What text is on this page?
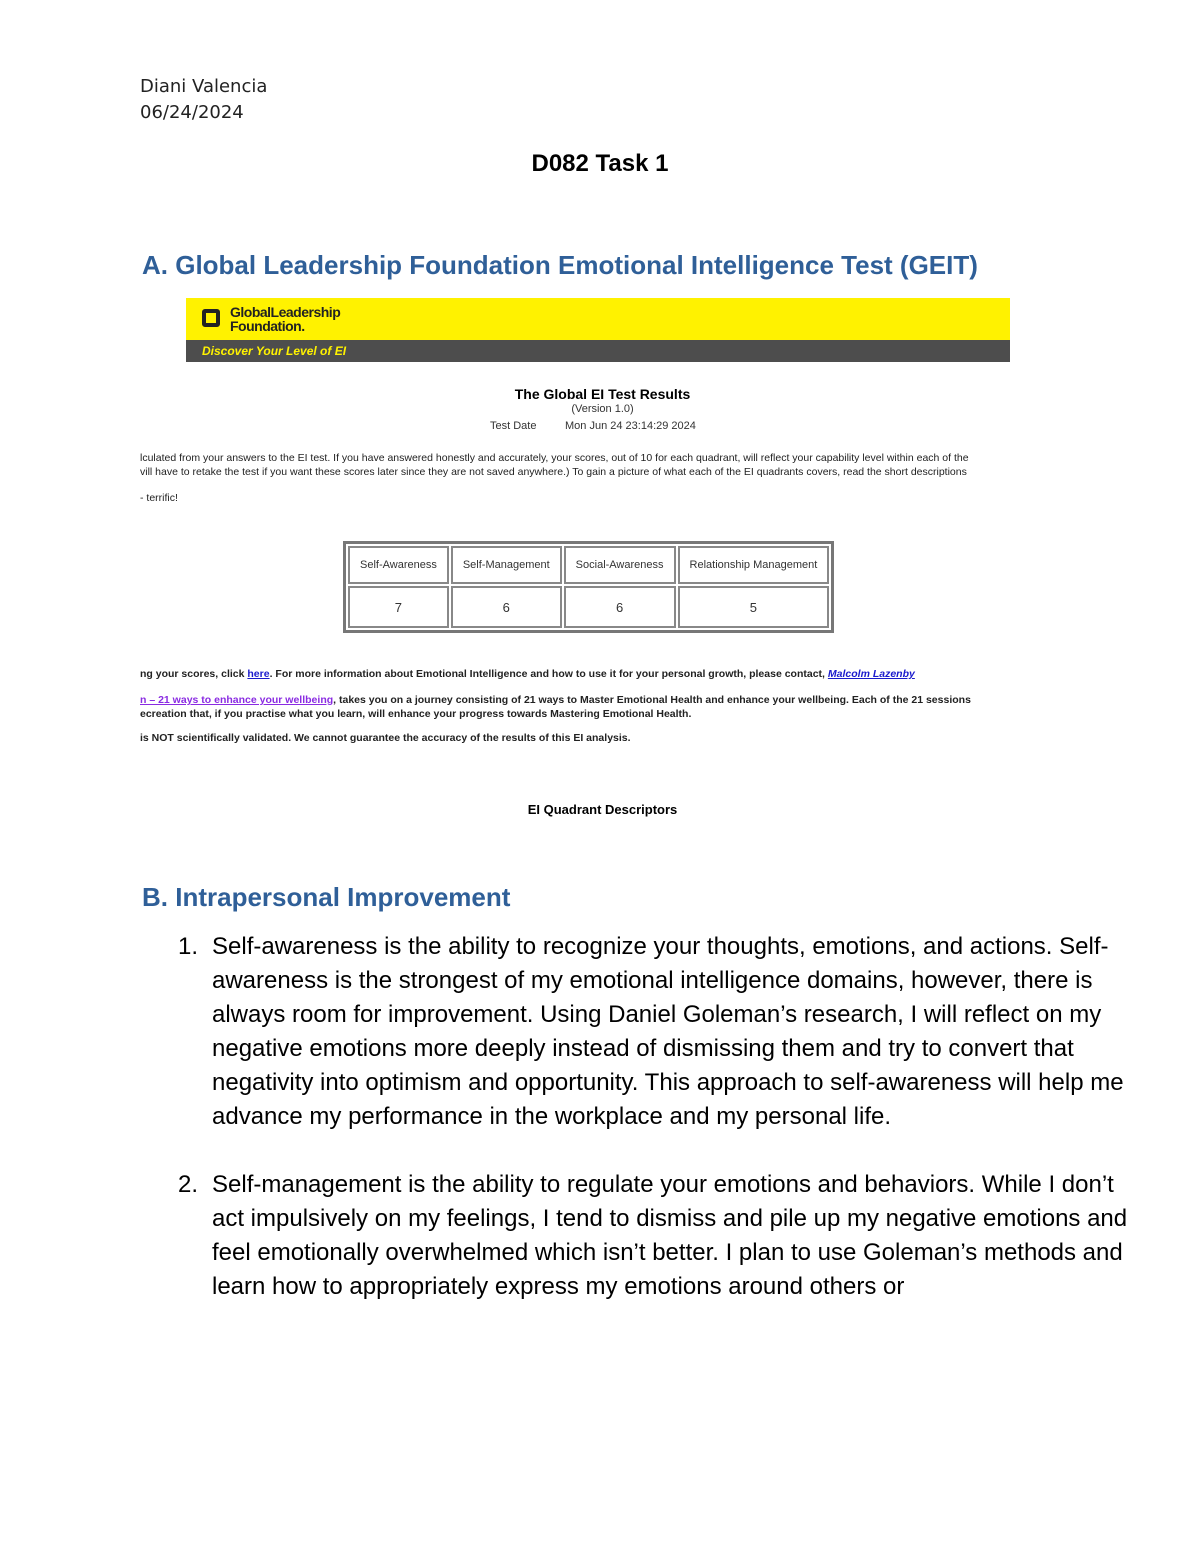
Diani Valencia
06/24/2024
D082 Task 1
A. Global Leadership Foundation Emotional Intelligence Test (GEIT)
GlobalLeadership
Foundation.
Discover Your Level of EI
The Global EI Test Results
(Version 1.0)
Test Date	Mon Jun 24 23:14:29 2024
lculated from your answers to the EI test. If you have answered honestly and accurately, your scores, out of 10 for each quadrant, will reflect your capability level within each of the
vill have to retake the test if you want these scores later since they are not saved anywhere.) To gain a picture of what each of the EI quadrants covers, read the short descriptions
- terrific!
Self-Awareness	Self-Management	Social-Awareness	Relationship Management
7	6	6	5
ng your scores, click here. For more information about Emotional Intelligence and how to use it for your personal growth, please contact, Malcolm Lazenby
n – 21 ways to enhance your wellbeing, takes you on a journey consisting of 21 ways to Master Emotional Health and enhance your wellbeing. Each of the 21 sessions
ecreation that, if you practise what you learn, will enhance your progress towards Mastering Emotional Health.
is NOT scientifically validated. We cannot guarantee the accuracy of the results of this EI analysis.
EI Quadrant Descriptors
B. Intrapersonal Improvement
1. Self-awareness is the ability to recognize your thoughts, emotions, and actions. Self-awareness is the strongest of my emotional intelligence domains, however, there is always room for improvement. Using Daniel Goleman’s research, I will reflect on my negative emotions more deeply instead of dismissing them and try to convert that negativity into optimism and opportunity. This approach to self-awareness will help me advance my performance in the workplace and my personal life.
2. Self-management is the ability to regulate your emotions and behaviors. While I don’t act impulsively on my feelings, I tend to dismiss and pile up my negative emotions and feel emotionally overwhelmed which isn’t better. I plan to use Goleman’s methods and learn how to appropriately express my emotions around others or
